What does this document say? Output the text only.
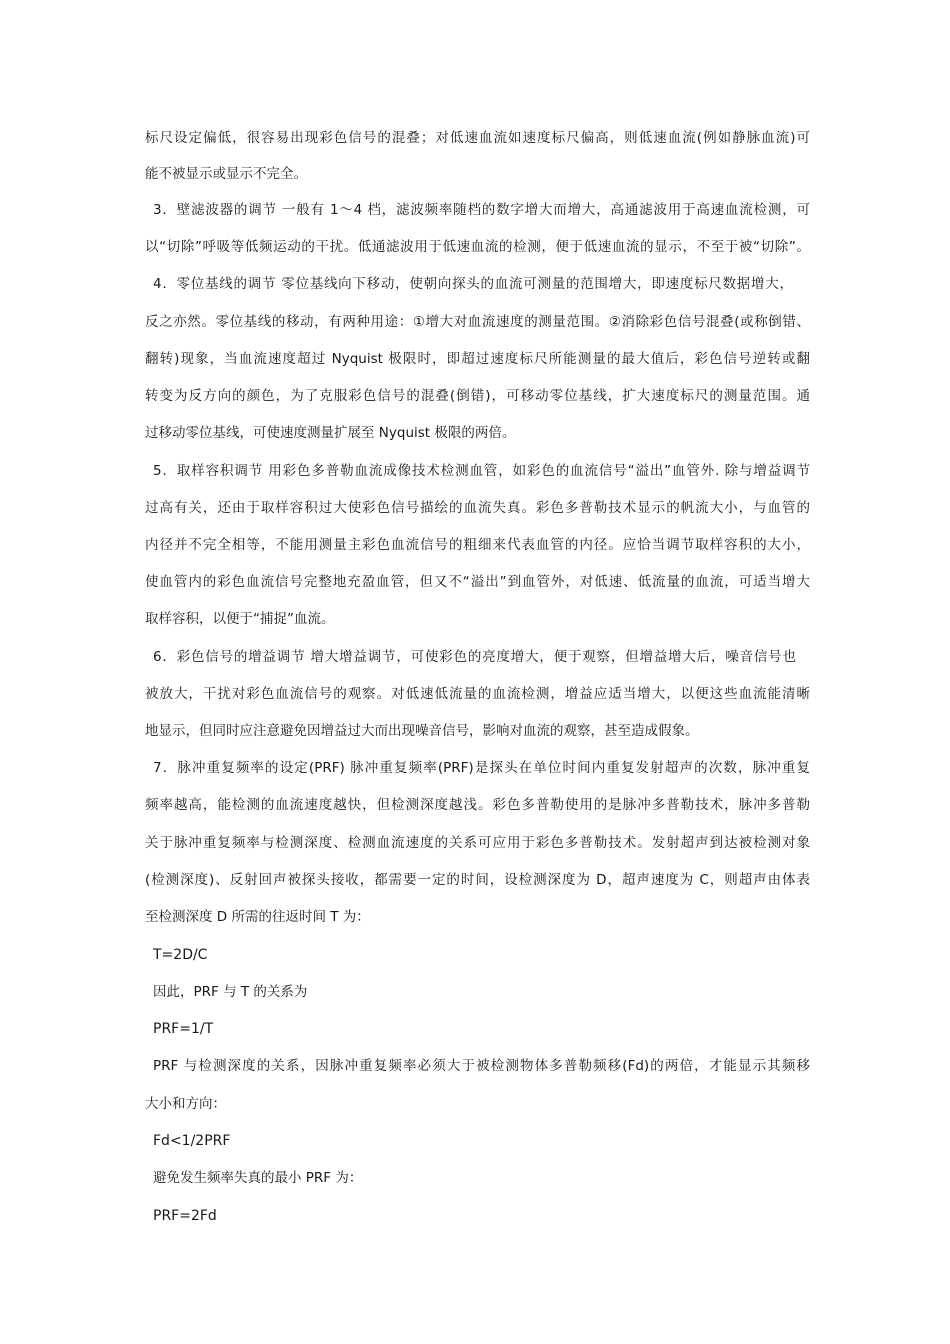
标尺设定偏低，很容易出现彩色信号的混叠；对低速血流如速度标尺偏高，则低速血流(例如静脉血流)可
能不被显示或显示不完全。
3．壁滤波器的调节 一般有 1～4 档，滤波频率随档的数字增大而增大，高通滤波用于高速血流检测，可
以“切除”呼吸等低频运动的干扰。低通滤波用于低速血流的检测，便于低速血流的显示，不至于被“切除”。
4．零位基线的调节 零位基线向下移动，使朝向探头的血流可测量的范围增大，即速度标尺数据增大，
反之亦然。零位基线的移动，有两种用途：①增大对血流速度的测量范围。②消除彩色信号混叠(或称倒错、
翻转)现象，当血流速度超过 Nyquist 极限时，即超过速度标尺所能测量的最大值后，彩色信号逆转或翻
转变为反方向的颜色，为了克服彩色信号的混叠(倒错)，可移动零位基线，扩大速度标尺的测量范围。通
过移动零位基线，可使速度测量扩展至 Nyquist 极限的两倍。
5．取样容积调节 用彩色多普勒血流成像技术检测血管，如彩色的血流信号“溢出”血管外. 除与增益调节
过高有关，还由于取样容积过大使彩色信号描绘的血流失真。彩色多普勒技术显示的帆流大小，与血管的
内径并不完全相等，不能用测量主彩色血流信号的粗细来代表血管的内径。应恰当调节取样容积的大小，
使血管内的彩色血流信号完整地充盈血管，但又不“溢出”到血管外，对低速、低流量的血流，可适当增大
取样容积，以便于“捕捉”血流。
6．彩色信号的增益调节 增大增益调节，可使彩色的亮度增大，便于观察，但增益增大后，噪音信号也
被放大，干扰对彩色血流信号的观察。对低速低流量的血流检测，增益应适当增大，以便这些血流能清晰
地显示，但同时应注意避免因增益过大而出现噪音信号，影响对血流的观察，甚至造成假象。
7．脉冲重复频率的设定(PRF) 脉冲重复频率(PRF)是探头在单位时间内重复发射超声的次数，脉冲重复
频率越高，能检测的血流速度越快，但检测深度越浅。彩色多普勒使用的是脉冲多普勒技术，脉冲多普勒
关于脉冲重复频率与检测深度、检测血流速度的关系可应用于彩色多普勒技术。发射超声到达被检测对象
(检测深度)、反射回声被探头接收，都需要一定的时间，设检测深度为 D，超声速度为 C，则超声由体表
至检测深度 D 所需的往返时间 T 为：
T=2D/C
因此，PRF 与 T 的关系为
PRF=1/T
PRF 与检测深度的关系，因脉冲重复频率必须大于被检测物体多普勒频移(Fd)的两倍，才能显示其频移
大小和方向：
Fd<1/2PRF
避免发生频率失真的最小 PRF 为：
PRF=2Fd
